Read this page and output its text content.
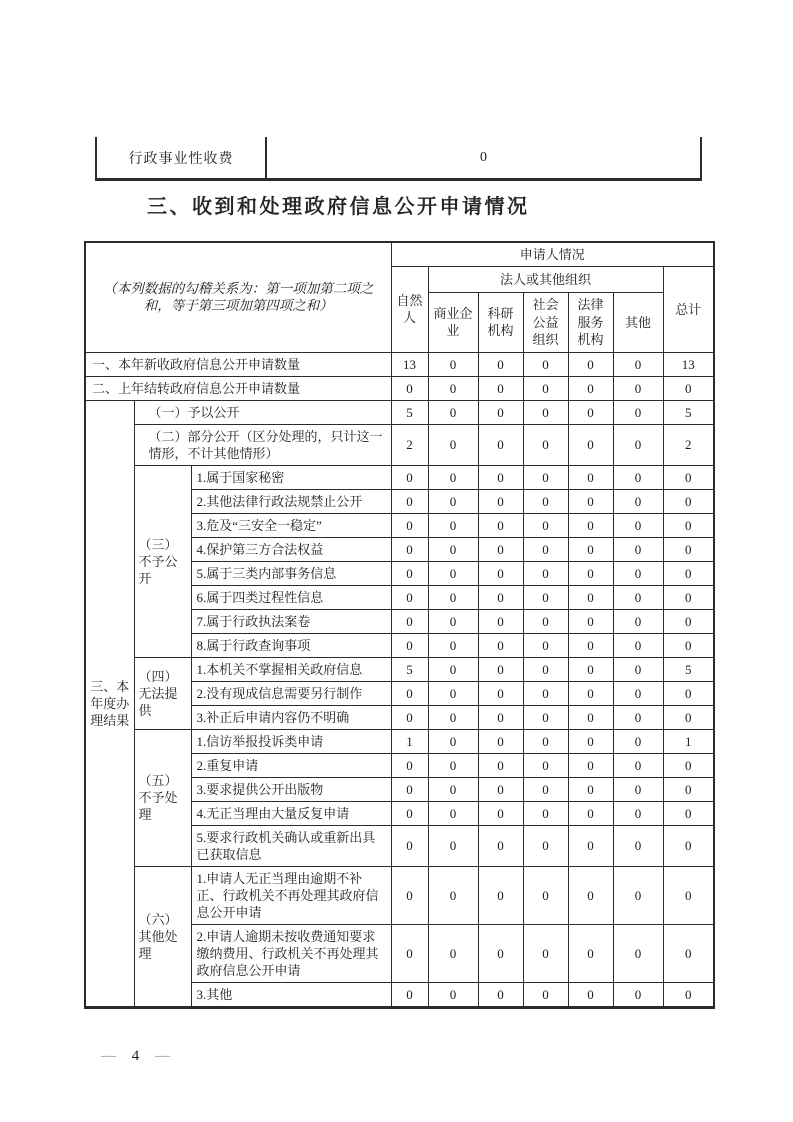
行政事业性收费	0
三、收到和处理政府信息公开申请情况
（本列数据的勾稽关系为：第一项加第二项之和，等于第三项加第四项之和）			申请人情况						
			自然人	法人或其他组织					总计
				商业企业	科研机构	社会公益组织	法律服务机构	其他	
一、本年新收政府信息公开申请数量			13	0	0	0	0	0	13
二、上年结转政府信息公开申请数量			0	0	0	0	0	0	0
三、本年度办理结果	（一）予以公开		5	0	0	0	0	0	5
	（二）部分公开（区分处理的，只计这一情形，不计其他情形）		2	0	0	0	0	0	2
	（三）不予公开	1.属于国家秘密	0	0	0	0	0	0	0
		2.其他法律行政法规禁止公开	0	0	0	0	0	0	0
		3.危及“三安全一稳定”	0	0	0	0	0	0	0
		4.保护第三方合法权益	0	0	0	0	0	0	0
		5.属于三类内部事务信息	0	0	0	0	0	0	0
		6.属于四类过程性信息	0	0	0	0	0	0	0
		7.属于行政执法案卷	0	0	0	0	0	0	0
		8.属于行政查询事项	0	0	0	0	0	0	0
	（四）无法提供	1.本机关不掌握相关政府信息	5	0	0	0	0	0	5
		2.没有现成信息需要另行制作	0	0	0	0	0	0	0
		3.补正后申请内容仍不明确	0	0	0	0	0	0	0
	（五）不予处理	1.信访举报投诉类申请	1	0	0	0	0	0	1
		2.重复申请	0	0	0	0	0	0	0
		3.要求提供公开出版物	0	0	0	0	0	0	0
		4.无正当理由大量反复申请	0	0	0	0	0	0	0
		5.要求行政机关确认或重新出具已获取信息	0	0	0	0	0	0	0
	（六）其他处理	1.申请人无正当理由逾期不补正、行政机关不再处理其政府信息公开申请	0	0	0	0	0	0	0
		2.申请人逾期未按收费通知要求缴纳费用、行政机关不再处理其政府信息公开申请	0	0	0	0	0	0	0
		3.其他	0	0	0	0	0	0	0
— 4 —
